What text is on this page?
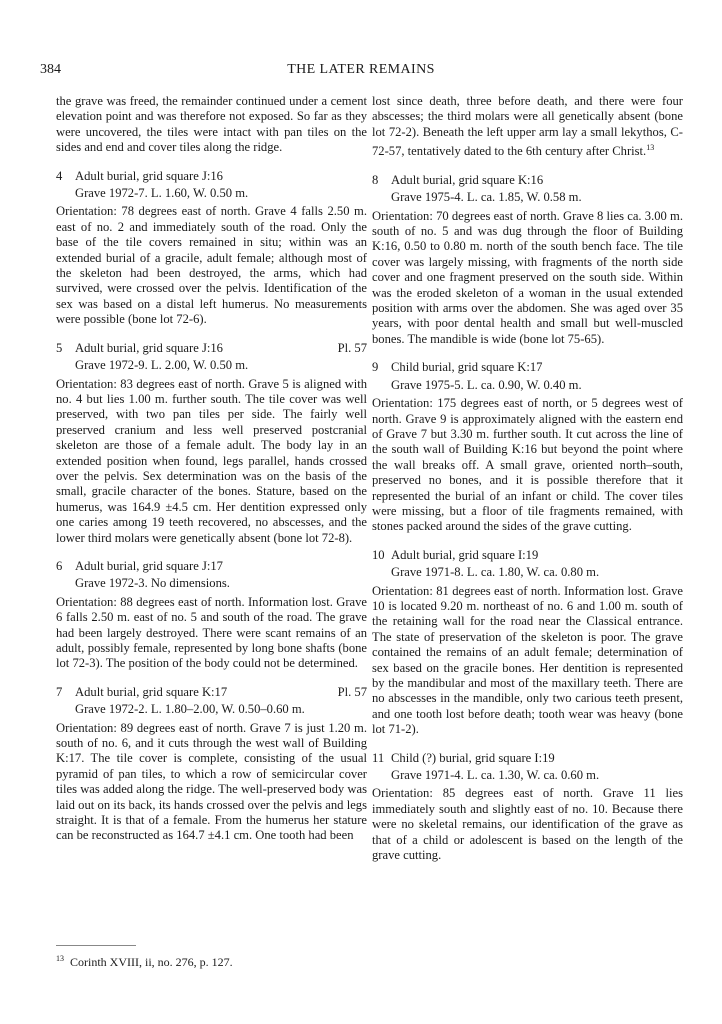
384	THE LATER REMAINS

the grave was freed, the remainder continued under a cement elevation point and was therefore not exposed. So far as they were uncovered, the tiles were intact with pan tiles on the sides and end and cover tiles along the ridge.

4 Adult burial, grid square J:16

Grave 1972-7. L. 1.60, W. 0.50 m.

Orientation: 78 degrees east of north. Grave 4 falls 2.50 m. east of no. 2 and immediately south of the road. Only the base of the tile covers remained in situ; within was an extended burial of a gracile, adult female; although most of the skeleton had been destroyed, the arms, which had survived, were crossed over the pelvis. Identification of the sex was based on a distal left humerus. No measurements were possible (bone lot 72-6).

5 Adult burial, grid square J:16	Pl. 57

Grave 1972-9. L. 2.00, W. 0.50 m.

Orientation: 83 degrees east of north. Grave 5 is aligned with no. 4 but lies 1.00 m. further south. The tile cover was well preserved, with two pan tiles per side. The fairly well preserved cranium and less well preserved postcranial skeleton are those of a female adult. The body lay in an extended position when found, legs parallel, hands crossed over the pelvis. Sex determination was on the basis of the small, gracile character of the bones. Stature, based on the humerus, was 164.9 ±4.5 cm. Her dentition expressed only one caries among 19 teeth recovered, no abscesses, and the lower third molars were genetically absent (bone lot 72-8).

6 Adult burial, grid square J:17

Grave 1972-3. No dimensions.

Orientation: 88 degrees east of north. Information lost. Grave 6 falls 2.50 m. east of no. 5 and south of the road. The grave had been largely destroyed. There were scant remains of an adult, possibly female, represented by long bone shafts (bone lot 72-3). The position of the body could not be determined.

7 Adult burial, grid square K:17	Pl. 57

Grave 1972-2. L. 1.80–2.00, W. 0.50–0.60 m.

Orientation: 89 degrees east of north. Grave 7 is just 1.20 m. south of no. 6, and it cuts through the west wall of Building K:17. The tile cover is complete, consisting of the usual pyramid of pan tiles, to which a row of semicircular cover tiles was added along the ridge. The well-preserved body was laid out on its back, its hands crossed over the pelvis and legs straight. It is that of a female. From the humerus her stature can be reconstructed as 164.7 ±4.1 cm. One tooth had been

lost since death, three before death, and there were four abscesses; the third molars were all genetically absent (bone lot 72-2). Beneath the left upper arm lay a small lekythos, C-72-57, tentatively dated to the 6th century after Christ.$^{13}$

8 Adult burial, grid square K:16

Grave 1975-4. L. ca. 1.85, W. 0.58 m.

Orientation: 70 degrees east of north. Grave 8 lies ca. 3.00 m. south of no. 5 and was dug through the floor of Building K:16, 0.50 to 0.80 m. north of the south bench face. The tile cover was largely missing, with fragments of the north side cover and one fragment preserved on the south side. Within was the eroded skeleton of a woman in the usual extended position with arms over the abdomen. She was aged over 35 years, with poor dental health and small but well-muscled bones. The mandible is wide (bone lot 75-65).

9 Child burial, grid square K:17

Grave 1975-5. L. ca. 0.90, W. 0.40 m.

Orientation: 175 degrees east of north, or 5 degrees west of north. Grave 9 is approximately aligned with the eastern end of Grave 7 but 3.30 m. further south. It cut across the line of the south wall of Building K:16 but beyond the point where the wall breaks off. A small grave, oriented north–south, preserved no bones, and it is possible therefore that it represented the burial of an infant or child. The cover tiles were missing, but a floor of tile fragments remained, with stones packed around the sides of the grave cutting.

10 Adult burial, grid square I:19

Grave 1971-8. L. ca. 1.80, W. ca. 0.80 m.

Orientation: 81 degrees east of north. Information lost. Grave 10 is located 9.20 m. northeast of no. 6 and 1.00 m. south of the retaining wall for the road near the Classical entrance. The state of preservation of the skeleton is poor. The grave contained the remains of an adult female; determination of sex based on the gracile bones. Her dentition is represented by the mandibular and most of the maxillary teeth. There are no abscesses in the mandible, only two carious teeth present, and one tooth lost before death; tooth wear was heavy (bone lot 71-2).

11 Child (?) burial, grid square I:19

Grave 1971-4. L. ca. 1.30, W. ca. 0.60 m.

Orientation: 85 degrees east of north. Grave 11 lies immediately south and slightly east of no. 10. Because there were no skeletal remains, our identification of the grave as that of a child or adolescent is based on the length of the grave cutting.

$^{13}$ Corinth XVIII, ii, no. 276, p. 127.
